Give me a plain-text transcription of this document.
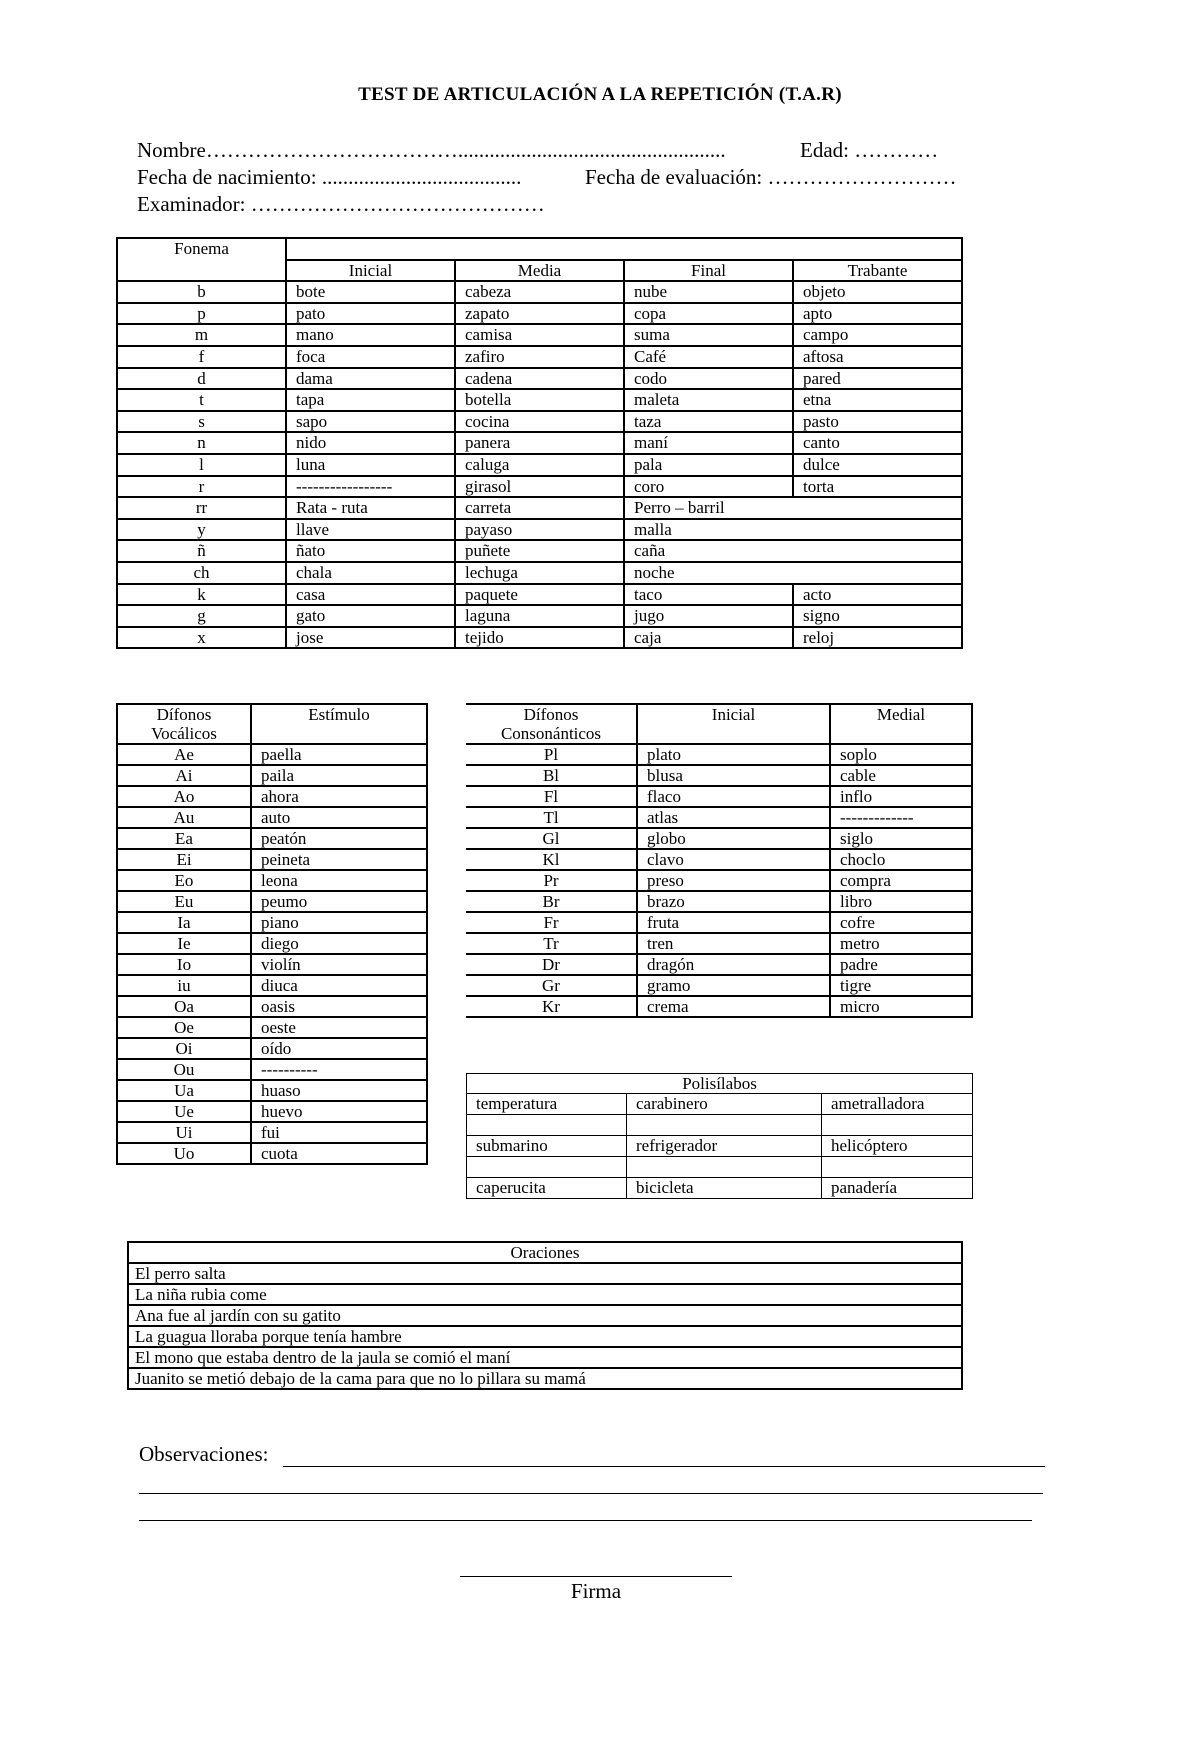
TEST DE ARTICULACIÓN A LA REPETICIÓN (T.A.R)
Nombre………………………………...................................................	Edad: …………
Fecha de nacimiento: ......................................	Fecha de evaluación: ………………………
Examinador: ……………………………………
Fonema				
	Inicial	Media	Final	Trabante
b	bote	cabeza	nube	objeto
p	pato	zapato	copa	apto
m	mano	camisa	suma	campo
f	foca	zafiro	Café	aftosa
d	dama	cadena	codo	pared
t	tapa	botella	maleta	etna
s	sapo	cocina	taza	pasto
n	nido	panera	maní	canto
l	luna	caluga	pala	dulce
r	-----------------	girasol	coro	torta
rr	Rata - ruta	carreta	Perro – barril	
y	llave	payaso	malla	
ñ	ñato	puñete	caña	
ch	chala	lechuga	noche	
k	casa	paquete	taco	acto
g	gato	laguna	jugo	signo
x	jose	tejido	caja	reloj
Dífonos Vocálicos	Estímulo
Ae	paella
Ai	paila
Ao	ahora
Au	auto
Ea	peatón
Ei	peineta
Eo	leona
Eu	peumo
Ia	piano
Ie	diego
Io	violín
iu	diuca
Oa	oasis
Oe	oeste
Oi	oído
Ou	----------
Ua	huaso
Ue	huevo
Ui	fui
Uo	cuota
Dífonos Consonánticos	Inicial	Medial
Pl	plato	soplo
Bl	blusa	cable
Fl	flaco	inflo
Tl	atlas	-------------
Gl	globo	siglo
Kl	clavo	choclo
Pr	preso	compra
Br	brazo	libro
Fr	fruta	cofre
Tr	tren	metro
Dr	dragón	padre
Gr	gramo	tigre
Kr	crema	micro
Polisílabos		
temperatura	carabinero	ametralladora

submarino	refrigerador	helicóptero

caperucita	bicicleta	panadería
Oraciones
El perro salta
La niña rubia come
Ana fue al jardín con su gatito
La guagua lloraba porque tenía hambre
El mono que estaba dentro de la jaula se comió el maní
Juanito se metió debajo de la cama para que no lo pillara su mamá
Observaciones:
Firma
